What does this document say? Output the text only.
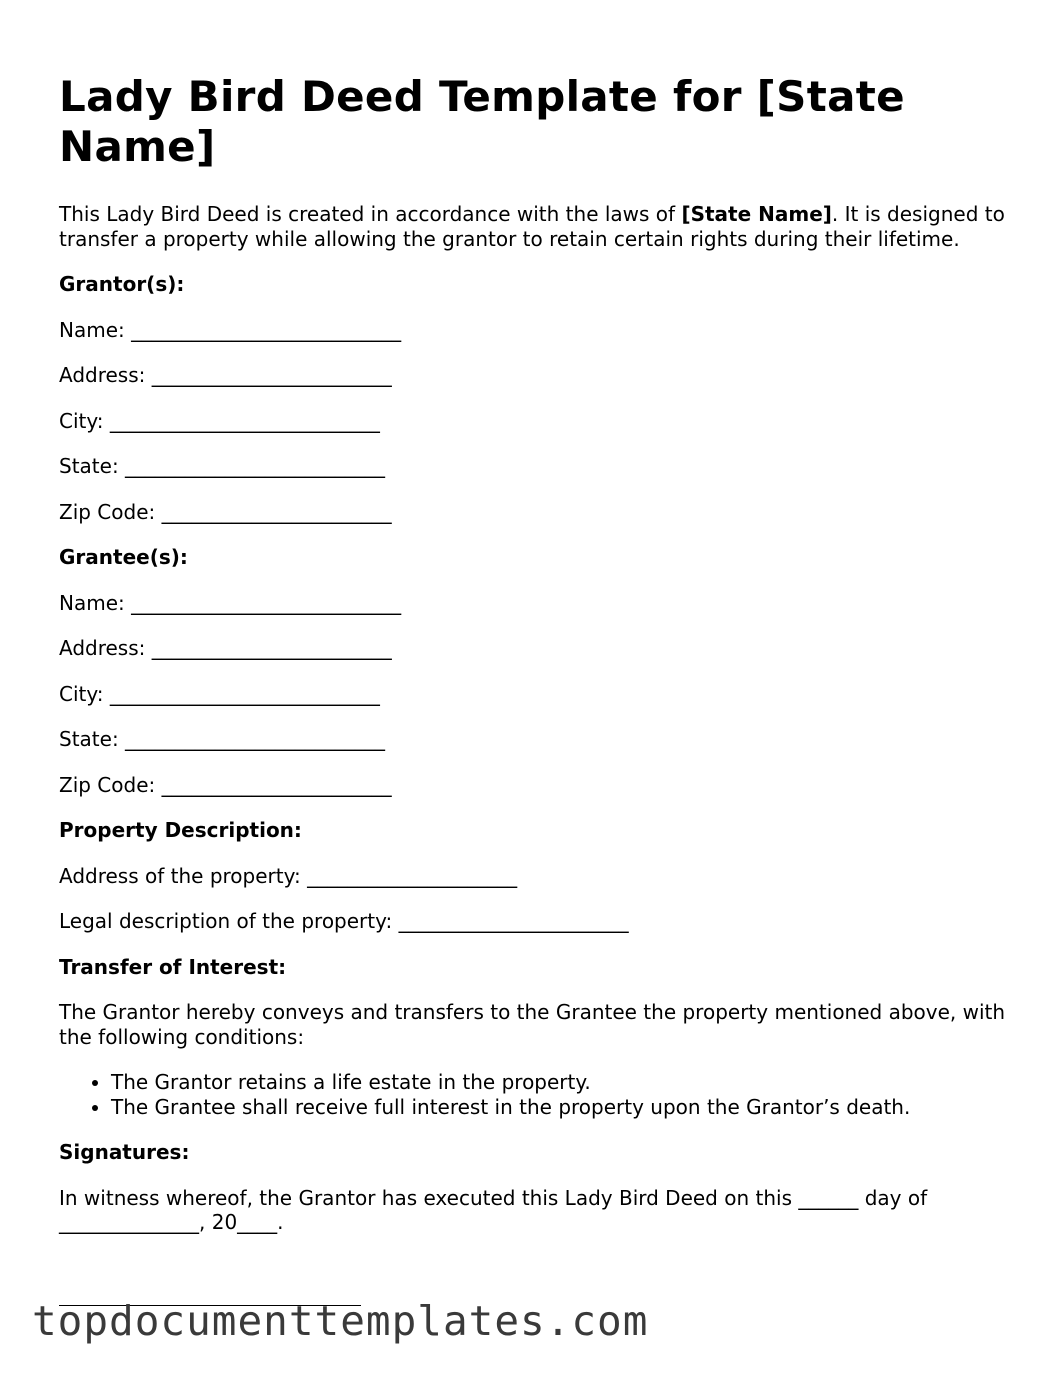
Lady Bird Deed Template for [State Name]

This Lady Bird Deed is created in accordance with the laws of [State Name]. It is designed to transfer a property while allowing the grantor to retain certain rights during their lifetime.

Grantor(s):

Name: ___________________________

Address: ________________________

City: ___________________________

State: __________________________

Zip Code: _______________________

Grantee(s):

Name: ___________________________

Address: ________________________

City: ___________________________

State: __________________________

Zip Code: _______________________

Property Description:

Address of the property: _____________________

Legal description of the property: _______________________

Transfer of Interest:

The Grantor hereby conveys and transfers to the Grantee the property mentioned above, with the following conditions:

• The Grantor retains a life estate in the property.
• The Grantee shall receive full interest in the property upon the Grantor’s death.

Signatures:

In witness whereof, the Grantor has executed this Lady Bird Deed on this ______ day of ______________, 20____.

topdocumenttemplates.com
